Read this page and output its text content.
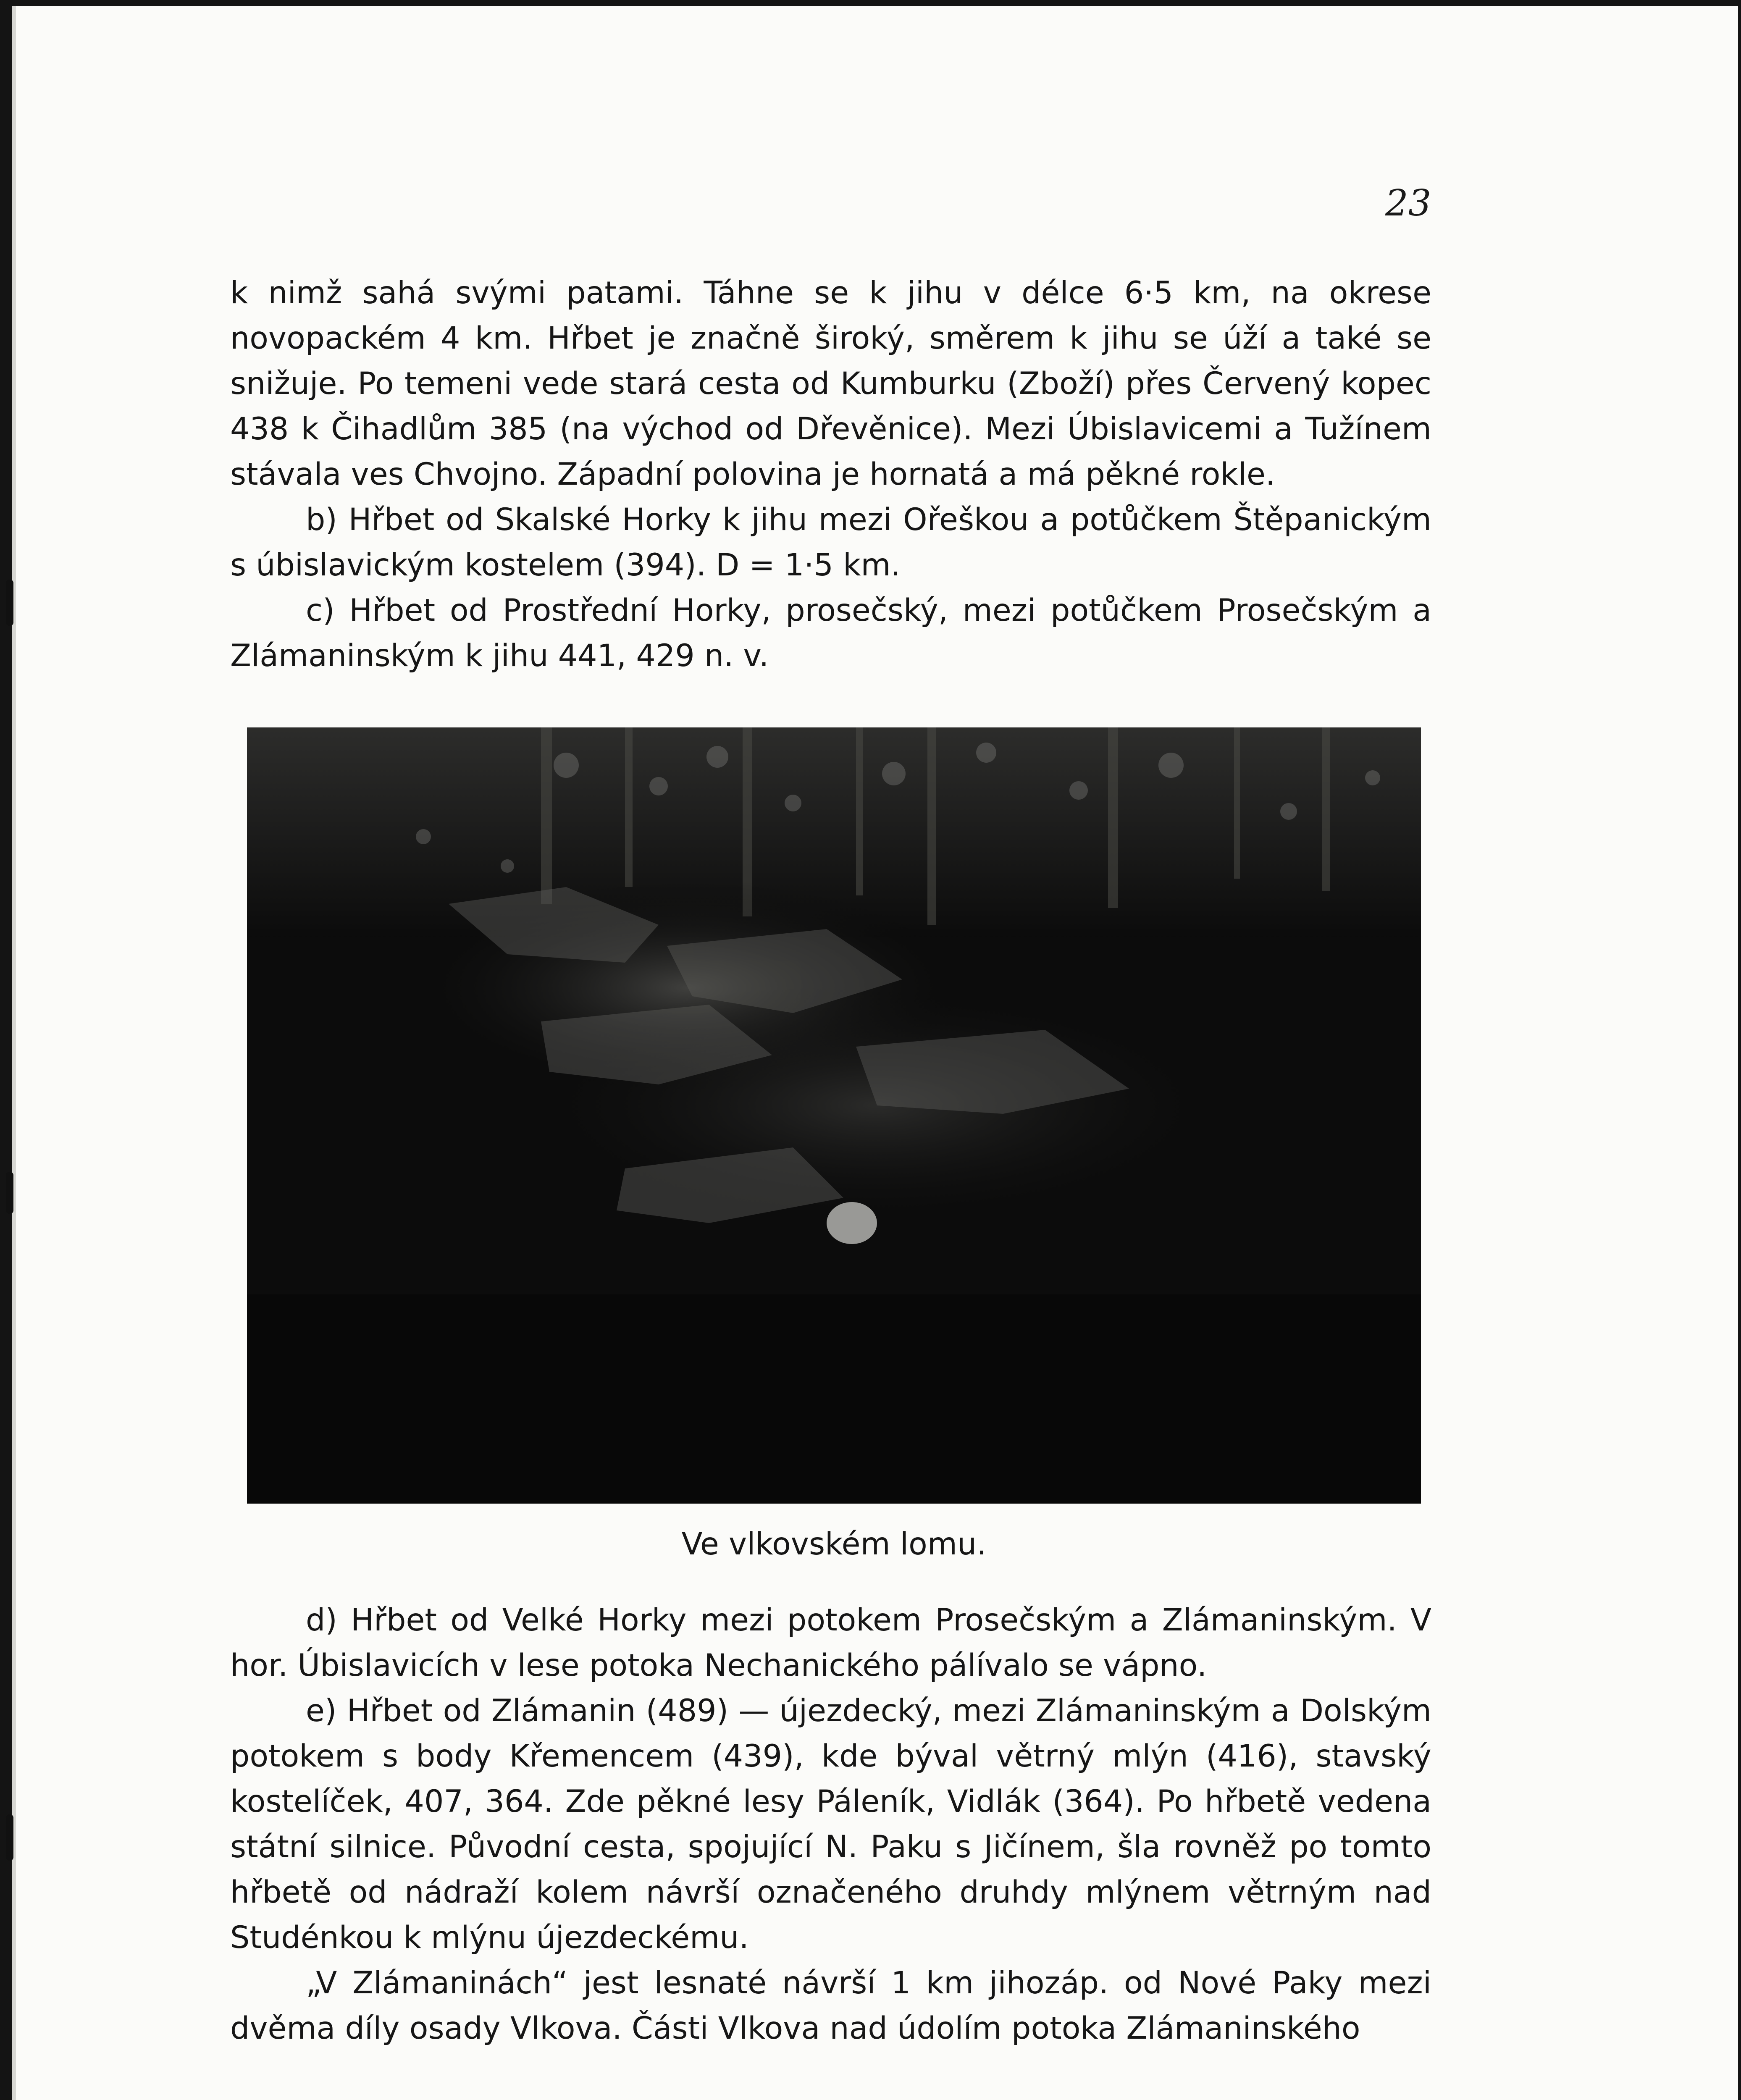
23

k nimž sahá svými patami. Táhne se k jihu v délce 6·5 km, na okrese novopackém 4 km. Hřbet je značně široký, směrem k jihu se úží a také se snižuje. Po temeni vede stará cesta od Kumburku (Zboží) přes Červený kopec 438 k Čihadlům 385 (na východ od Dřevěnice). Mezi Úbislavicemi a Tužínem stávala ves Chvojno. Západní polovina je hornatá a má pěkné rokle.

b) Hřbet od Skalské Horky k jihu mezi Ořeškou a potůčkem Štěpanickým s úbislavickým kostelem (394). D = 1·5 km.

c) Hřbet od Prostřední Horky, prosečský, mezi potůčkem Prosečským a Zlámaninským k jihu 441, 429 n. v.

Ve vlkovském lomu.

d) Hřbet od Velké Horky mezi potokem Prosečským a Zlámaninským. V hor. Úbislavicích v lese potoka Nechanického pálívalo se vápno.

e) Hřbet od Zlámanin (489) — újezdecký, mezi Zlámaninským a Dolským potokem s body Křemencem (439), kde býval větrný mlýn (416), stavský kostelíček, 407, 364. Zde pěkné lesy Páleník, Vidlák (364). Po hřbetě vedena státní silnice. Původní cesta, spojující N. Paku s Jičínem, šla rovněž po tomto hřbetě od nádraží kolem návrší označeného druhdy mlýnem větrným nad Studénkou k mlýnu újezdeckému.

„V Zlámaninách“ jest lesnaté návrší 1 km jihozáp. od Nové Paky mezi dvěma díly osady Vlkova. Části Vlkova nad údolím potoka Zlámaninského
